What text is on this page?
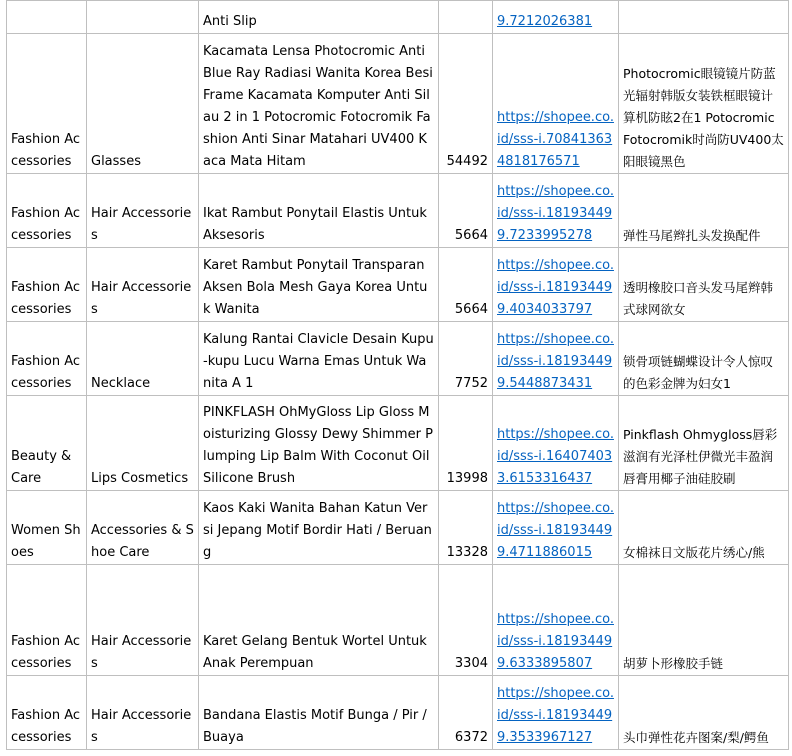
		Anti Slip		9.7212026381	
Fashion Accessories	Glasses	Kacamata Lensa Photocromic Anti Blue Ray Radiasi Wanita Korea Besi Frame Kacamata Komputer Anti Silau 2 in 1 Potocromic Fotocromik Fashion Anti Sinar Matahari UV400 Kaca Mata Hitam	54492	https://shopee.co.id/sss-i.708413634818176571	Photocromic眼镜镜片防蓝光辐射韩版女装铁框眼镜计算机防眩2在1 Potocromic Fotocromik时尚防UV400太阳眼镜黑色
Fashion Accessories	Hair Accessories	Ikat Rambut Ponytail Elastis Untuk Aksesoris	5664	https://shopee.co.id/sss-i.181934499.7233995278	弹性马尾辫扎头发换配件
Fashion Accessories	Hair Accessories	Karet Rambut Ponytail Transparan Aksen Bola Mesh Gaya Korea Untuk Wanita	5664	https://shopee.co.id/sss-i.181934499.4034033797	透明橡胶口音头发马尾辫韩式球网欲女
Fashion Accessories	Necklace	Kalung Rantai Clavicle Desain Kupu-kupu Lucu Warna Emas Untuk Wanita A 1	7752	https://shopee.co.id/sss-i.181934499.5448873431	锁骨项链蝴蝶设计令人惊叹的色彩金牌为妇女1
Beauty & Care	Lips Cosmetics	PINKFLASH OhMyGloss Lip Gloss Moisturizing Glossy Dewy Shimmer Plumping Lip Balm With Coconut Oil Silicone Brush	13998	https://shopee.co.id/sss-i.164074033.6153316437	Pinkflash Ohmygloss唇彩滋润有光泽杜伊微光丰盈润唇膏用椰子油硅胶刷
Women Shoes	Accessories & Shoe Care	Kaos Kaki Wanita Bahan Katun Versi Jepang Motif Bordir Hati / Beruang	13328	https://shopee.co.id/sss-i.181934499.4711886015	女棉袜日文版花片绣心/熊
Fashion Accessories	Hair Accessories	Karet Gelang Bentuk Wortel Untuk Anak Perempuan	3304	https://shopee.co.id/sss-i.181934499.6333895807	胡萝卜形橡胶手链
Fashion Accessories	Hair Accessories	Bandana Elastis Motif Bunga / Pir / Buaya	6372	https://shopee.co.id/sss-i.181934499.3533967127	头巾弹性花卉图案/梨/鳄鱼
